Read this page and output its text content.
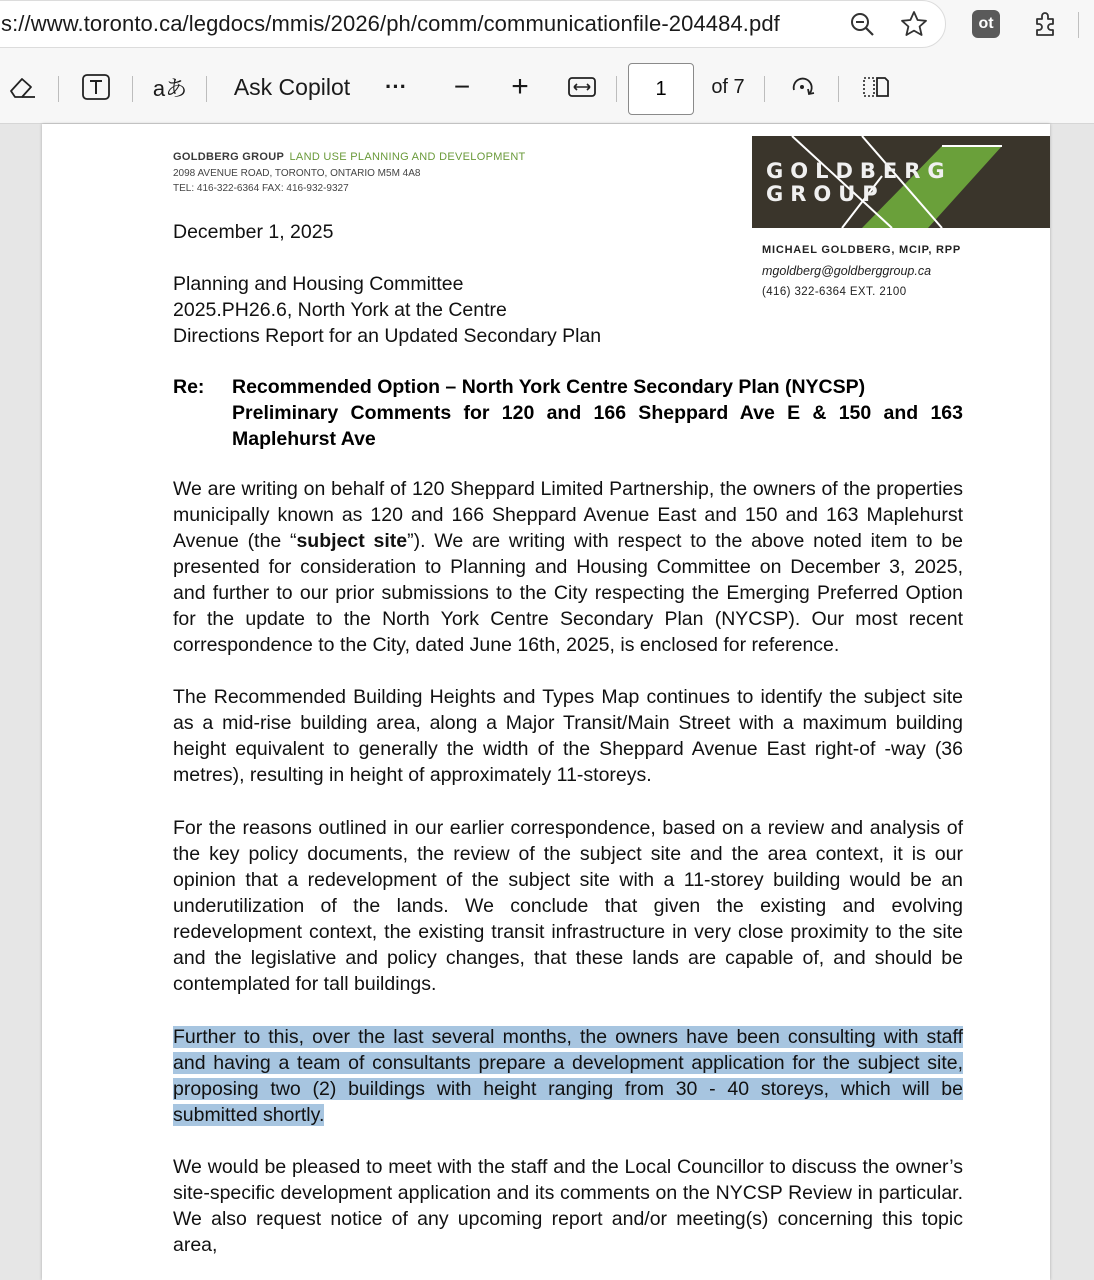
s://www.toronto.ca/legdocs/mmis/2026/ph/comm/communicationfile-204484.pdf	ot
aあ	Ask Copilot	··· − +	1	of 7
GOLDBERG GROUP LAND USE PLANNING AND DEVELOPMENT
2098 AVENUE ROAD, TORONTO, ONTARIO M5M 4A8
TEL: 416-322-6364 FAX: 416-932-9327
GOLDBERG
GROUP
MICHAEL GOLDBERG, MCIP, RPP
mgoldberg@goldberggroup.ca
(416) 322-6364 EXT. 2100
December 1, 2025
Planning and Housing Committee
2025.PH26.6, North York at the Centre
Directions Report for an Updated Secondary Plan
Re: Recommended Option – North York Centre Secondary Plan (NYCSP)
Preliminary Comments for 120 and 166 Sheppard Ave E & 150 and 163 Maplehurst Ave
We are writing on behalf of 120 Sheppard Limited Partnership, the owners of the properties municipally known as 120 and 166 Sheppard Avenue East and 150 and 163 Maplehurst Avenue (the “subject site”). We are writing with respect to the above noted item to be presented for consideration to Planning and Housing Committee on December 3, 2025, and further to our prior submissions to the City respecting the Emerging Preferred Option for the update to the North York Centre Secondary Plan (NYCSP). Our most recent correspondence to the City, dated June 16th, 2025, is enclosed for reference.
The Recommended Building Heights and Types Map continues to identify the subject site as a mid-rise building area, along a Major Transit/Main Street with a maximum building height equivalent to generally the width of the Sheppard Avenue East right-of -way (36 metres), resulting in height of approximately 11-storeys.
For the reasons outlined in our earlier correspondence, based on a review and analysis of the key policy documents, the review of the subject site and the area context, it is our opinion that a redevelopment of the subject site with a 11-storey building would be an underutilization of the lands. We conclude that given the existing and evolving redevelopment context, the existing transit infrastructure in very close proximity to the site and the legislative and policy changes, that these lands are capable of, and should be contemplated for tall buildings.
Further to this, over the last several months, the owners have been consulting with staff and having a team of consultants prepare a development application for the subject site, proposing two (2) buildings with height ranging from 30 - 40 storeys, which will be submitted shortly.
We would be pleased to meet with the staff and the Local Councillor to discuss the owner’s site-specific development application and its comments on the NYCSP Review in particular. We also request notice of any upcoming report and/or meeting(s) concerning this topic area,
